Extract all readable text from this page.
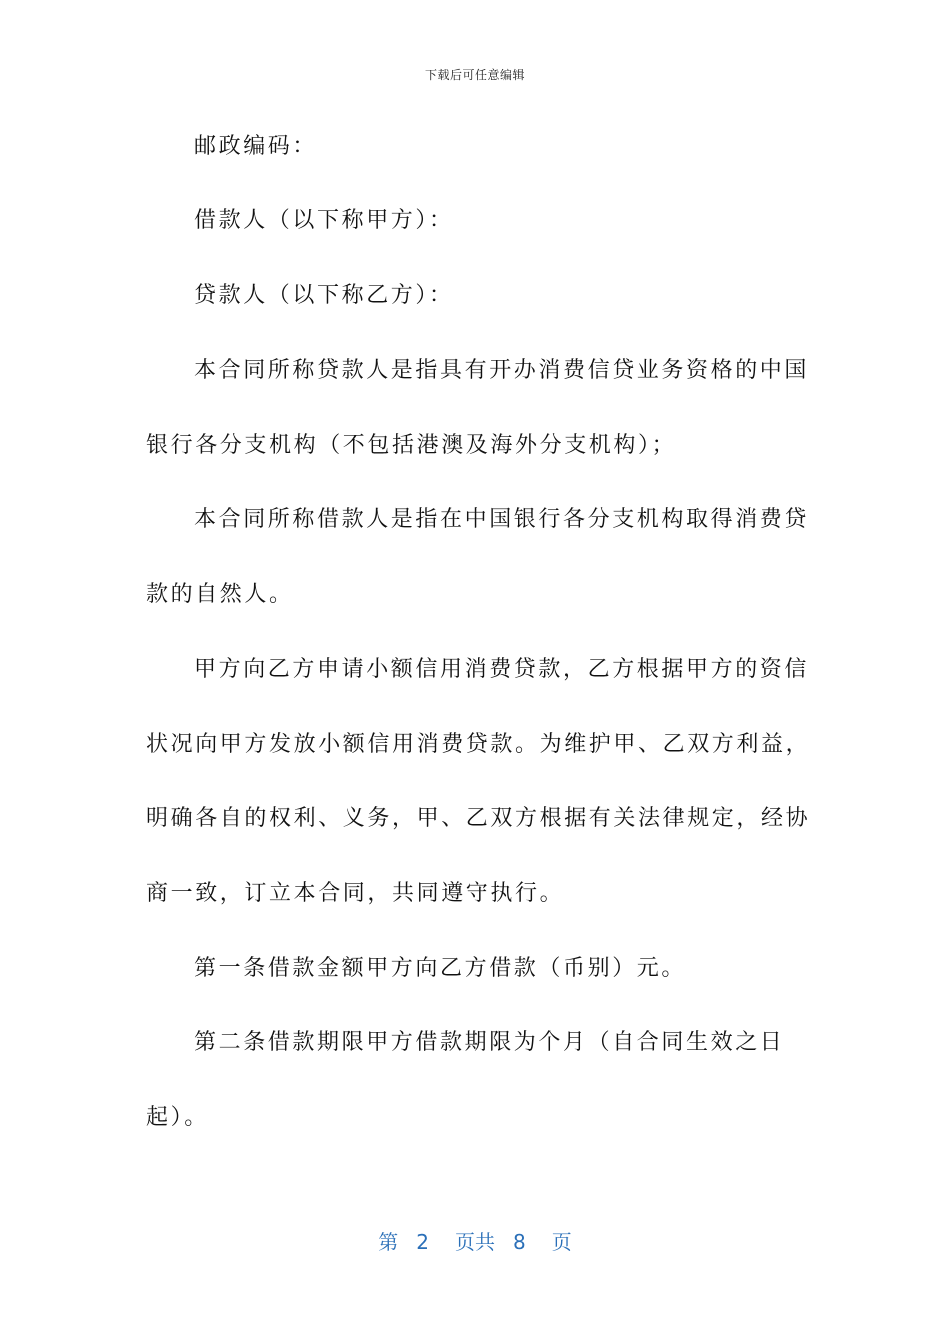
下载后可任意编辑
邮政编码：
借款人（以下称甲方）：
贷款人（以下称乙方）：
本合同所称贷款人是指具有开办消费信贷业务资格的中国
银行各分支机构（不包括港澳及海外分支机构）；
本合同所称借款人是指在中国银行各分支机构取得消费贷
款的自然人。
甲方向乙方申请小额信用消费贷款，乙方根据甲方的资信
状况向甲方发放小额信用消费贷款。为维护甲、乙双方利益，
明确各自的权利、义务，甲、乙双方根据有关法律规定，经协
商一致，订立本合同，共同遵守执行。
第一条借款金额甲方向乙方借款（币别）元。
第二条借款期限甲方借款期限为个月（自合同生效之日
起）。
第 2 页共 8 页
